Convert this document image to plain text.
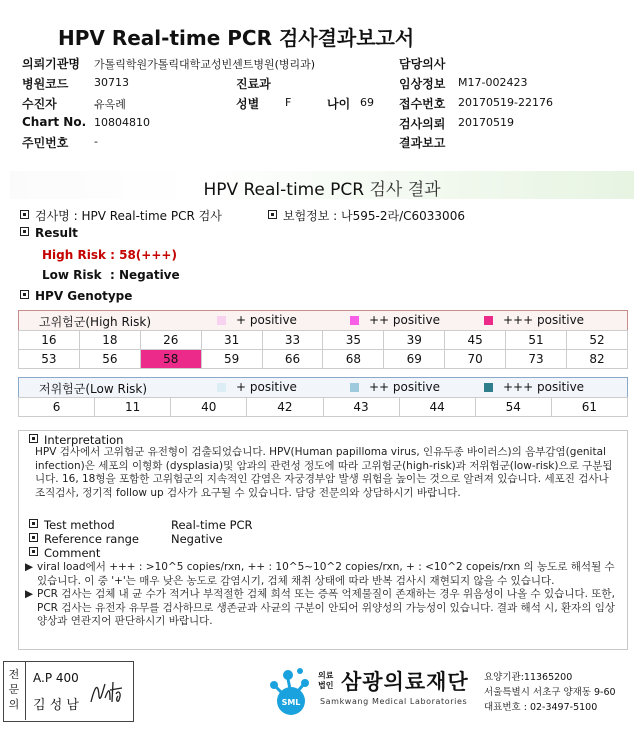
HPV Real-time PCR 검사결과보고서
의뢰기관명 가톨릭학원가톨릭대학교성빈센트병원(병리과)	담당의사
병원코드 30713	진료과	임상정보 M17-002423
수진자	유옥례	성별 F	나이 69 접수번호 20170519-22176
Chart No. 10804810	검사의뢰 20170519
주민번호 -	결과보고
HPV Real-time PCR 검사 결과
검사명 : HPV Real-time PCR 검사	보험정보 : 나595-2라/C6033006
Result
High Risk : 58(+++)
Low Risk  : Negative
HPV Genotype
고위험군(High Risk)	+ positive	++ positive	+++ positive
16	18	26	31	33	35	39	45	51	52
53	56	58	59	66	68	69	70	73	82
저위험군(Low Risk)	+ positive	++ positive	+++ positive
6	11	40	42	43	44	54	61
Interpretation
HPV 검사에서 고위험군 유전형이 검출되었습니다. HPV(Human papilloma virus, 인유두종 바이러스)의 음부감염(genital infection)은 세포의 이형화 (dysplasia)및 암과의 관련성 정도에 따라 고위험군(high-risk)과 저위험군(low-risk)으로 구분됩니다. 16, 18형을 포함한 고위험군의 지속적인 감염은 자궁경부암 발생 위험을 높이는 것으로 알려져 있습니다. 세포진 검사나 조직검사, 정기적 follow up 검사가 요구될 수 있습니다. 담당 전문의와 상담하시기 바랍니다.
Test method	Real-time PCR
Reference range	Negative
Comment
▶ viral load에서 +++ : >10^5 copies/rxn, ++ : 10^5~10^2 copies/rxn, + : <10^2 copeis/rxn 의 농도로 해석될 수 있습니다. 이 중 '+'는 매우 낮은 농도로 감염시기, 검체 채취 상태에 따라 반복 검사시 재현되지 않을 수 있습니다.
▶ PCR 검사는 검체 내 균 수가 적거나 부적절한 검체 희석 또는 증폭 억제물질이 존재하는 경우 위음성이 나올 수 있습니다. 또한, PCR 검사는 유전자 유무를 검사하므로 생존균과 사균의 구분이 안되어 위양성의 가능성이 있습니다. 결과 해석 시, 환자의 임상 양상과 연관지어 판단하시기 바랍니다.
전문의
A.P 400
김 성 남	SML
의료
법인 삼광의료재단
Samkwang Medical Laboratories
요양기관:11365200
서울특별시 서초구 양재동 9-60
대표번호 : 02-3497-5100
